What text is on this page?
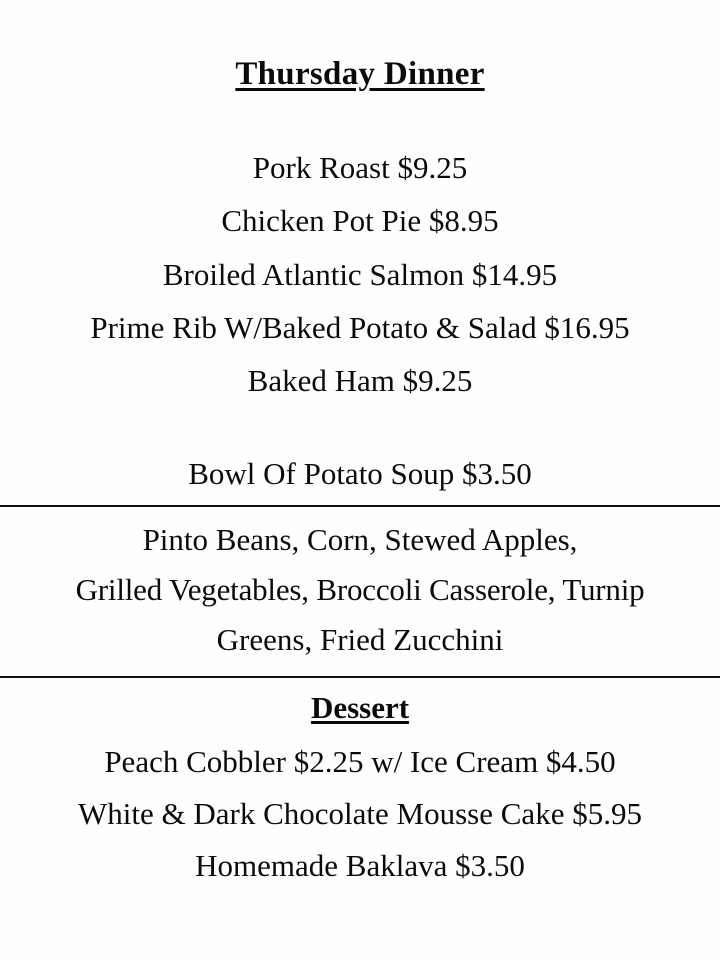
Thursday Dinner
Pork Roast $9.25
Chicken Pot Pie $8.95
Broiled Atlantic Salmon $14.95
Prime Rib W/Baked Potato & Salad $16.95
Baked Ham $9.25
Bowl Of Potato Soup $3.50
Pinto Beans, Corn, Stewed Apples,
Grilled Vegetables, Broccoli Casserole, Turnip
Greens, Fried Zucchini
Dessert
Peach Cobbler $2.25 w/ Ice Cream $4.50
White & Dark Chocolate Mousse Cake $5.95
Homemade Baklava $3.50
